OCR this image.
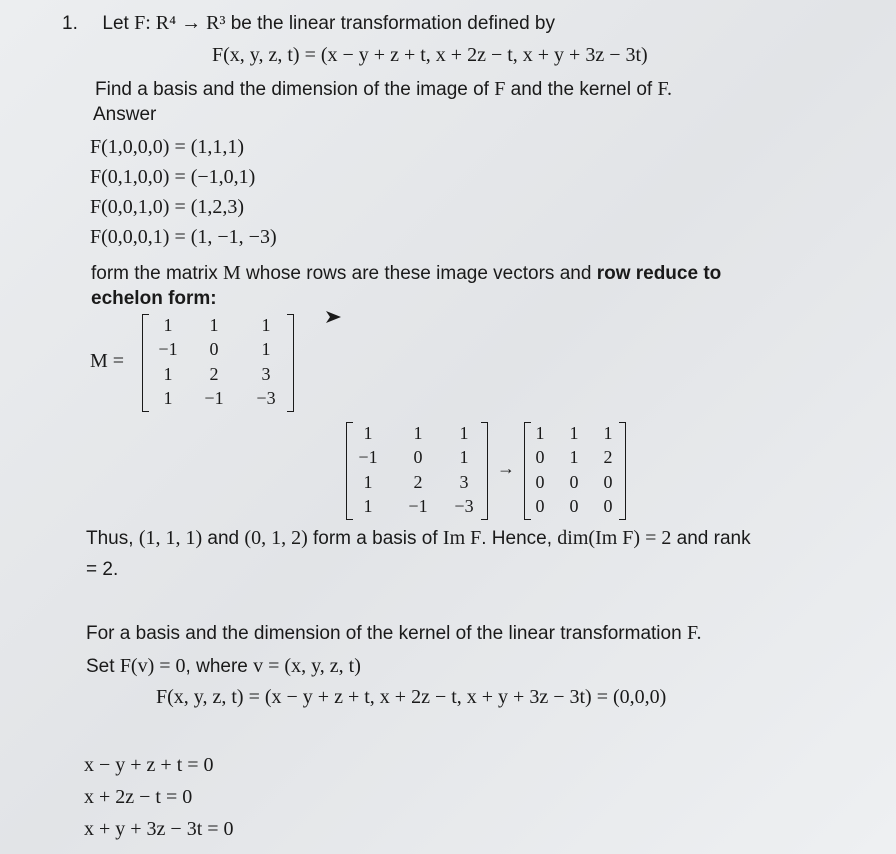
1. Let F: R⁴ → R³ be the linear transformation defined by
F(x, y, z, t) = (x − y + z + t, x + 2z − t, x + y + 3z − 3t)
Find a basis and the dimension of the image of F and the kernel of F.
Answer
F(1,0,0,0) = (1,1,1)
F(0,1,0,0) = (−1,0,1)
F(0,0,1,0) = (1,2,3)
F(0,0,0,1) = (1, −1, −3)
form the matrix M whose rows are these image vectors and row reduce to
echelon form:
M =
1	1	1
−1	0	1
1	2	3
1	−1	−3
1	1	1
−1	0	1
1	2	3
1	−1	−3
→
1	1	1
0	1	2
0	0	0
0	0	0
Thus, (1, 1, 1) and (0, 1, 2) form a basis of Im F. Hence, dim(Im F) = 2 and rank
= 2.
For a basis and the dimension of the kernel of the linear transformation F.
Set F(v) = 0, where v = (x, y, z, t)
F(x, y, z, t) = (x − y + z + t, x + 2z − t, x + y + 3z − 3t) = (0,0,0)
x − y + z + t = 0
x + 2z − t = 0
x + y + 3z − 3t = 0
